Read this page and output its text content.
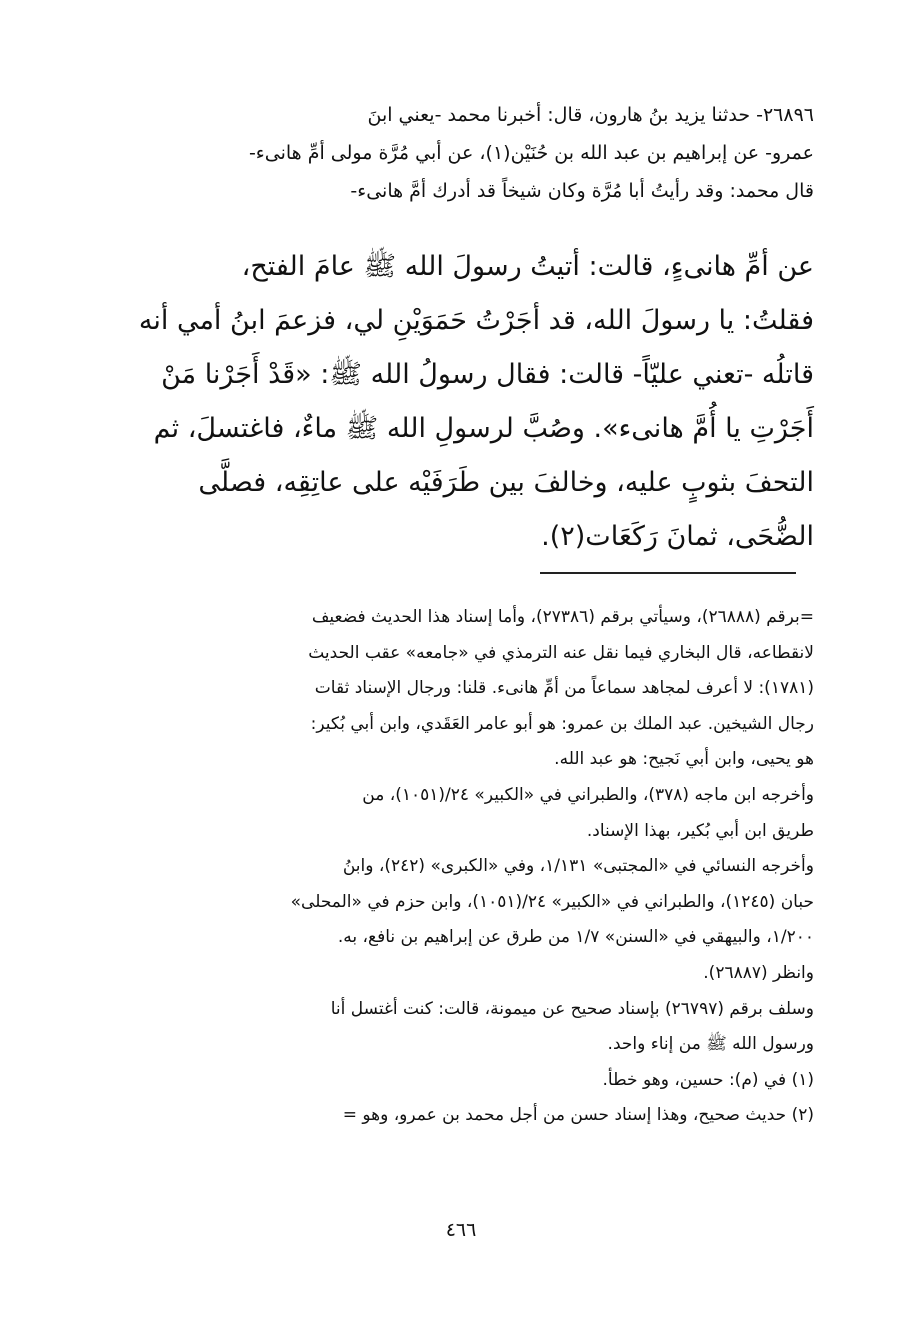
٢٦٨٩٦- حدثنا يزيد بنُ هارون، قال: أخبرنا محمد -يعني ابنَ
عمرو- عن إبراهيم بن عبد الله بن حُنَيْن(١)، عن أبي مُرَّة مولى أمِّ هانىء-
قال محمد: وقد رأيتُ أبا مُرَّة وكان شيخاً قد أدرك أمَّ هانىء-
عن أمِّ هانىءٍ، قالت: أتيتُ رسولَ الله ﷺ عامَ الفتح،
فقلتُ: يا رسولَ الله، قد أجَرْتُ حَمَوَيْنِ لي، فزعمَ ابنُ أمي أنه
قاتلُه -تعني عليّاً- قالت: فقال رسولُ الله ﷺ: «قَدْ أَجَرْنا مَنْ
أَجَرْتِ يا أُمَّ هانىء». وصُبَّ لرسولِ الله ﷺ ماءٌ، فاغتسلَ، ثم
التحفَ بثوبٍ عليه، وخالفَ بين طَرَفَيْه على عاتِقِه، فصلَّى
الضُّحَى، ثمانَ رَكَعَات(٢).

=برقم (٢٦٨٨٨)، وسيأتي برقم (٢٧٣٨٦)، وأما إسناد هذا الحديث فضعيف
لانقطاعه، قال البخاري فيما نقل عنه الترمذي في «جامعه» عقب الحديث
(١٧٨١): لا أعرف لمجاهد سماعاً من أمِّ هانىء. قلنا: ورجال الإسناد ثقات
رجال الشيخين. عبد الملك بن عمرو: هو أبو عامر العَقَدي، وابن أبي بُكير:
هو يحيى، وابن أبي نَجيح: هو عبد الله.

وأخرجه ابن ماجه (٣٧٨)، والطبراني في «الكبير» ٢٤/(١٠٥١)، من
طريق ابن أبي بُكير، بهذا الإسناد.

وأخرجه النسائي في «المجتبى» ١/١٣١، وفي «الكبرى» (٢٤٢)، وابنُ
حبان (١٢٤٥)، والطبراني في «الكبير» ٢٤/(١٠٥١)، وابن حزم في «المحلى»
١/٢٠٠، والبيهقي في «السنن» ١/٧ من طرق عن إبراهيم بن نافع، به.
وانظر (٢٦٨٨٧).

وسلف برقم (٢٦٧٩٧) بإسناد صحيح عن ميمونة، قالت: كنت أغتسل أنا
ورسول الله ﷺ من إناء واحد.

(١) في (م): حسين، وهو خطأ.

(٢) حديث صحيح، وهذا إسناد حسن من أجل محمد بن عمرو، وهو =

٤٦٦
